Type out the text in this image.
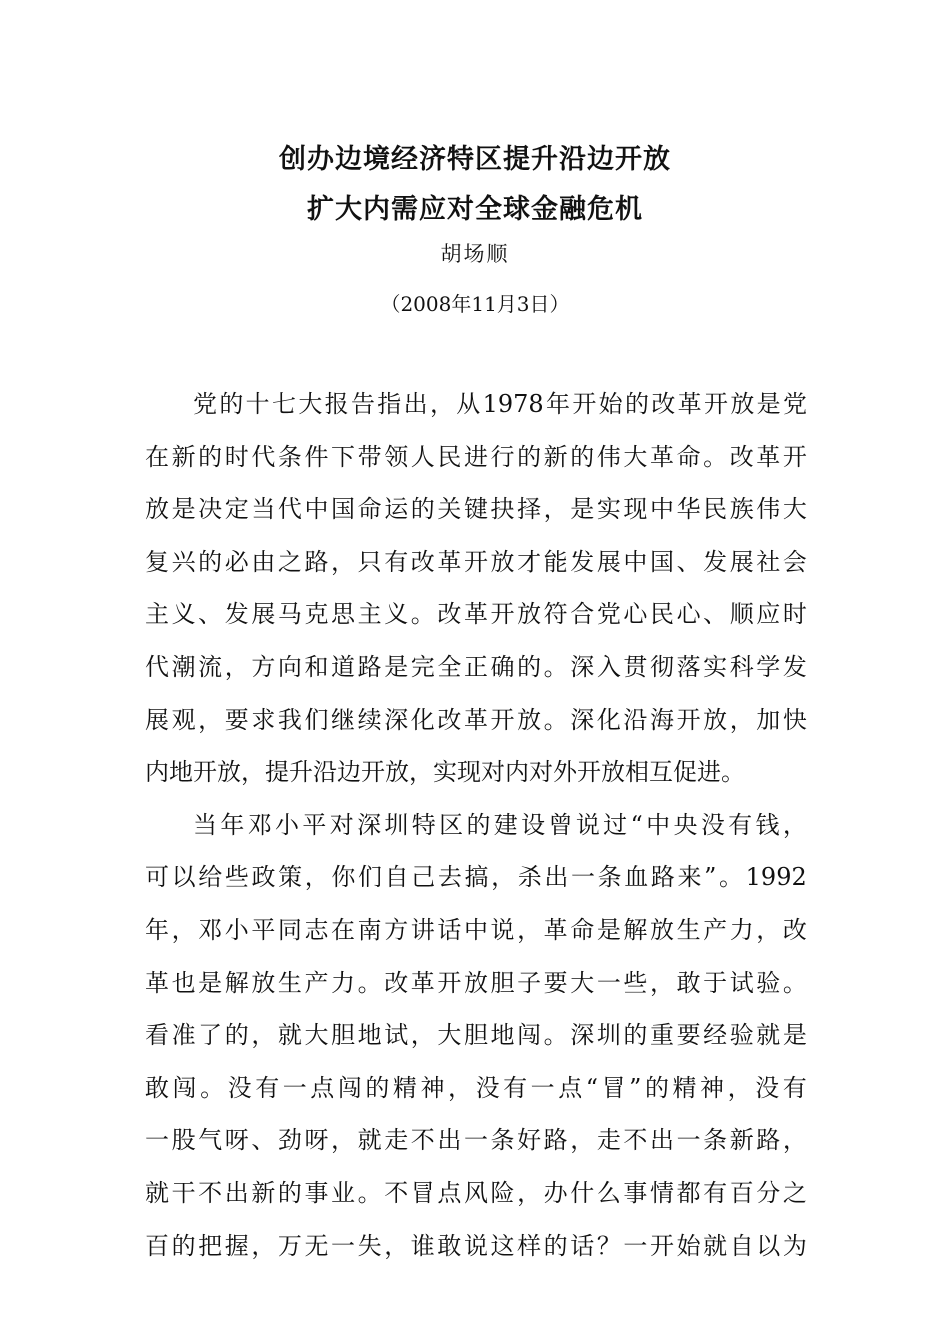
创办边境经济特区提升沿边开放
扩大内需应对全球金融危机
胡场顺
（2008年11月3日）
党 的 十 七 大 报 告 指 出 ， 从 1978 年 开 始 的 改 革 开 放 是 党
在 新 的 时 代 条 件 下 带 领 人 民 进 行 的 新 的 伟 大 革 命 。 改 革 开
放 是 决 定 当 代 中 国 命 运 的 关 键 抉 择 ， 是 实 现 中 华 民 族 伟 大
复 兴 的 必 由 之 路 ， 只 有 改 革 开 放 才 能 发 展 中 国 、 发 展 社 会
主 义 、 发 展 马 克 思 主 义 。 改 革 开 放 符 合 党 心 民 心 、 顺 应 时
代 潮 流 ， 方 向 和 道 路 是 完 全 正 确 的 。 深 入 贯 彻 落 实 科 学 发
展 观 ， 要 求 我 们 继 续 深 化 改 革 开 放 。 深 化 沿 海 开 放 ， 加 快
内 地 开 放 ， 提 升 沿 边 开 放 ， 实 现 对 内 对 外 开 放 相 互 促 进 。
当 年 邓 小 平 对 深 圳 特 区 的 建 设 曾 说 过 “ 中 央 没 有 钱 ，
可 以 给 些 政 策 ， 你 们 自 己 去 搞 ， 杀 出 一 条 血 路 来 ” 。 1992
年 ， 邓 小 平 同 志 在 南 方 讲 话 中 说 ， 革 命 是 解 放 生 产 力 ， 改
革 也 是 解 放 生 产 力 。 改 革 开 放 胆 子 要 大 一 些 ， 敢 于 试 验 。
看 准 了 的 ， 就 大 胆 地 试 ， 大 胆 地 闯 。 深 圳 的 重 要 经 验 就 是
敢 闯 。 没 有 一 点 闯 的 精 神 ， 没 有 一 点 “ 冒 ” 的 精 神 ， 没 有
一 股 气 呀 、 劲 呀 ， 就 走 不 出 一 条 好 路 ， 走 不 出 一 条 新 路 ，
就 干 不 出 新 的 事 业 。 不 冒 点 风 险 ， 办 什 么 事 情 都 有 百 分 之
百 的 把 握 ， 万 无 一 失 ， 谁 敢 说 这 样 的 话 ？ 一 开 始 就 自 以 为
